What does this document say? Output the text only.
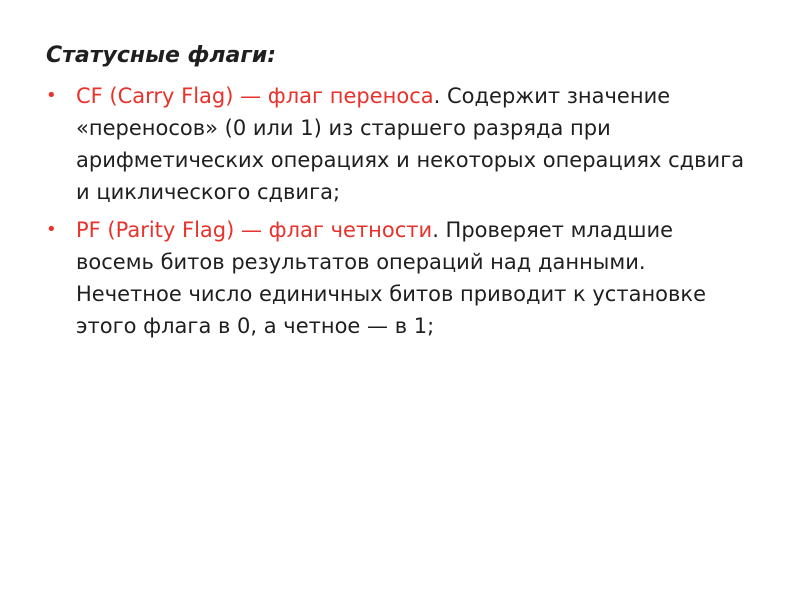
Статусные флаги:
• CF (Carry Flag) — флаг переноса. Содержит значение «переносов» (0 или 1) из старшего разряда при арифметических операциях и некоторых операциях сдвига и циклического сдвига;
• PF (Parity Flag) — флаг четности. Проверяет младшие восемь битов результатов операций над данными. Нечетное число единичных битов приводит к установке этого флага в 0, а четное — в 1;
